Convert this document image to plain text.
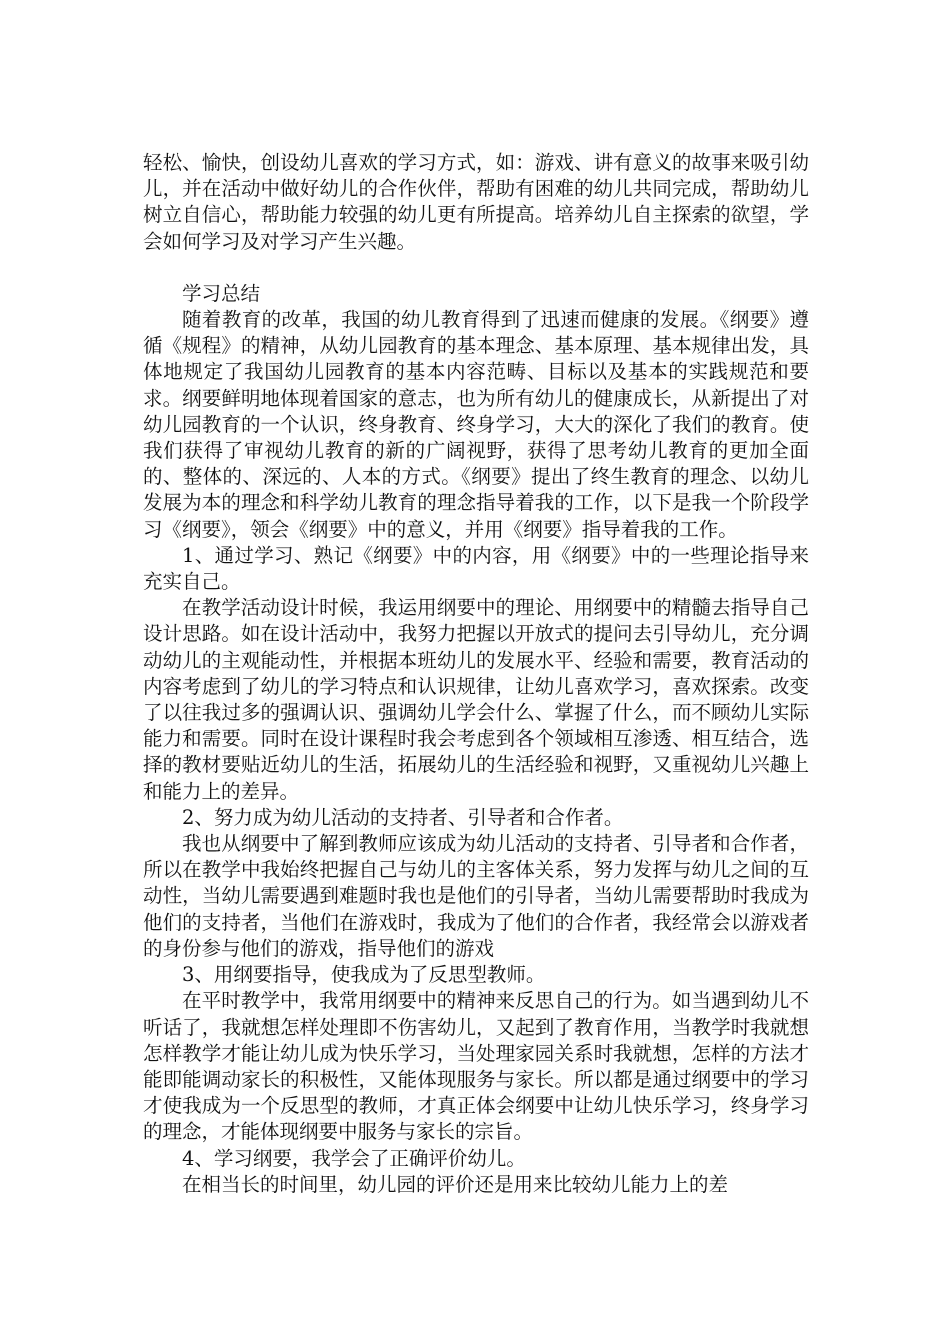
轻松、愉快，创设幼儿喜欢的学习方式，如：游戏、讲有意义的故事来吸引幼儿，并在活动中做好幼儿的合作伙伴，帮助有困难的幼儿共同完成，帮助幼儿树立自信心，帮助能力较强的幼儿更有所提高。培养幼儿自主探索的欲望，学会如何学习及对学习产生兴趣。

学习总结

随着教育的改革，我国的幼儿教育得到了迅速而健康的发展。《纲要》遵循《规程》的精神，从幼儿园教育的基本理念、基本原理、基本规律出发，具体地规定了我国幼儿园教育的基本内容范畴、目标以及基本的实践规范和要求。纲要鲜明地体现着国家的意志，也为所有幼儿的健康成长，从新提出了对幼儿园教育的一个认识，终身教育、终身学习，大大的深化了我们的教育。使我们获得了审视幼儿教育的新的广阔视野，获得了思考幼儿教育的更加全面的、整体的、深远的、人本的方式。《纲要》提出了终生教育的理念、以幼儿发展为本的理念和科学幼儿教育的理念指导着我的工作，以下是我一个阶段学习《纲要》，领会《纲要》中的意义，并用《纲要》指导着我的工作。

1、通过学习、熟记《纲要》中的内容，用《纲要》中的一些理论指导来充实自己。

在教学活动设计时候，我运用纲要中的理论、用纲要中的精髓去指导自己设计思路。如在设计活动中，我努力把握以开放式的提问去引导幼儿，充分调动幼儿的主观能动性，并根据本班幼儿的发展水平、经验和需要，教育活动的内容考虑到了幼儿的学习特点和认识规律，让幼儿喜欢学习，喜欢探索。改变了以往我过多的强调认识、强调幼儿学会什么、掌握了什么，而不顾幼儿实际能力和需要。同时在设计课程时我会考虑到各个领域相互渗透、相互结合，选择的教材要贴近幼儿的生活，拓展幼儿的生活经验和视野，又重视幼儿兴趣上和能力上的差异。

2、努力成为幼儿活动的支持者、引导者和合作者。

我也从纲要中了解到教师应该成为幼儿活动的支持者、引导者和合作者，所以在教学中我始终把握自己与幼儿的主客体关系，努力发挥与幼儿之间的互动性，当幼儿需要遇到难题时我也是他们的引导者，当幼儿需要帮助时我成为他们的支持者，当他们在游戏时，我成为了他们的合作者，我经常会以游戏者的身份参与他们的游戏，指导他们的游戏

3、用纲要指导，使我成为了反思型教师。

在平时教学中，我常用纲要中的精神来反思自己的行为。如当遇到幼儿不听话了，我就想怎样处理即不伤害幼儿，又起到了教育作用，当教学时我就想怎样教学才能让幼儿成为快乐学习，当处理家园关系时我就想，怎样的方法才能即能调动家长的积极性，又能体现服务与家长。所以都是通过纲要中的学习才使我成为一个反思型的教师，才真正体会纲要中让幼儿快乐学习，终身学习的理念，才能体现纲要中服务与家长的宗旨。

4、学习纲要，我学会了正确评价幼儿。

在相当长的时间里，幼儿园的评价还是用来比较幼儿能力上的差
